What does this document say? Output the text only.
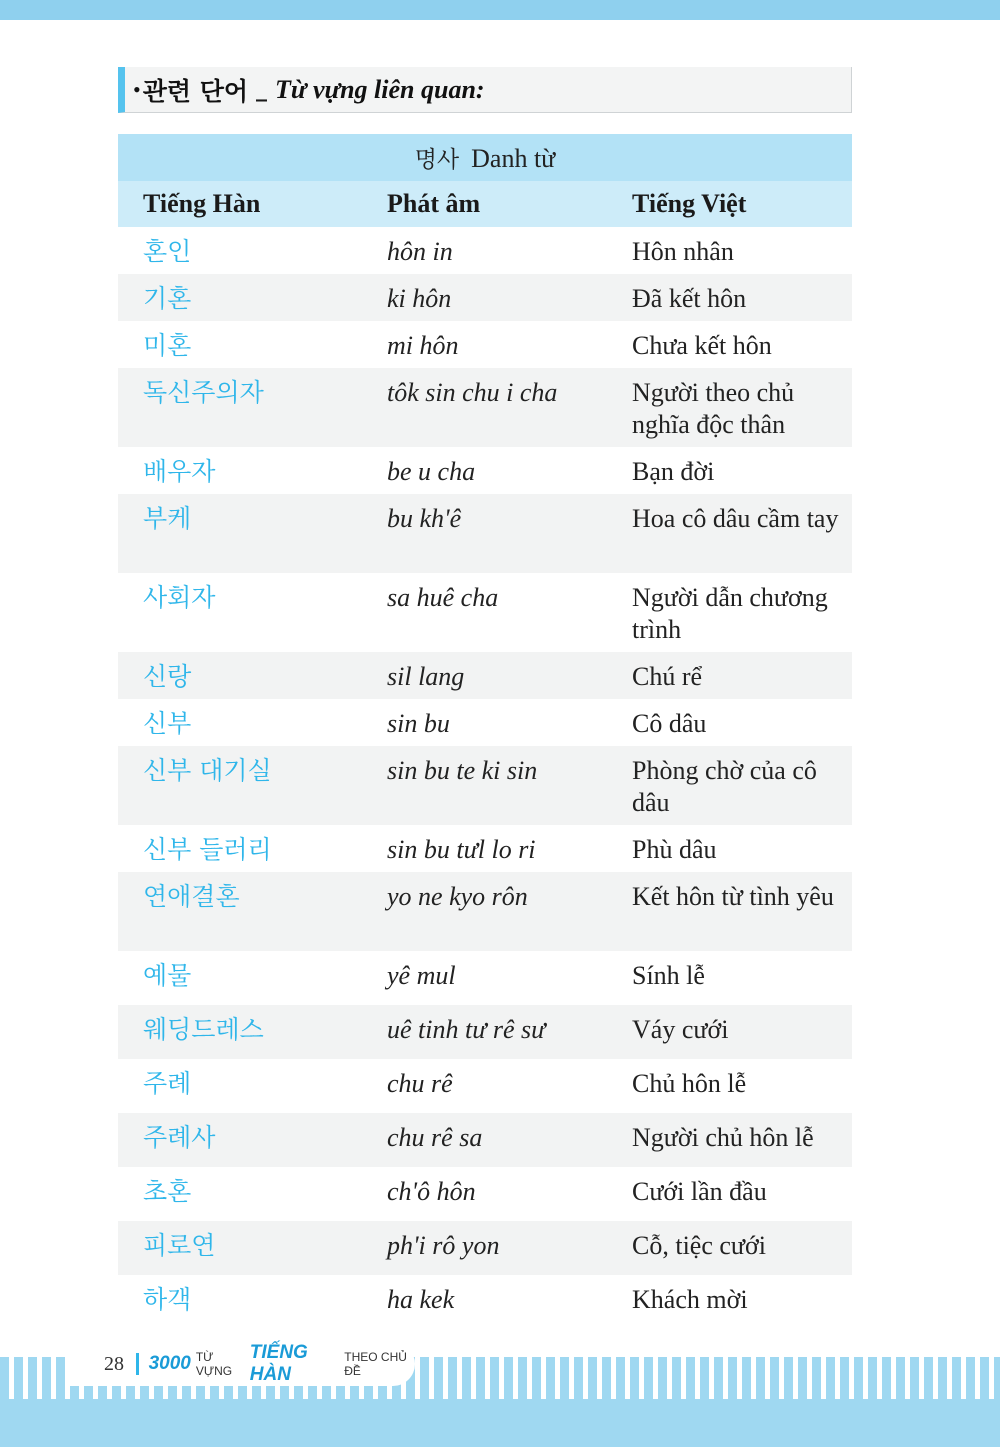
• 관련 단어 _ Từ vựng liên quan:
명사 Danh từ
Tiếng Hàn	Phát âm	Tiếng Việt
혼인	hôn in	Hôn nhân
기혼	ki hôn	Đã kết hôn
미혼	mi hôn	Chưa kết hôn
독신주의자	tôk sin chu i cha	Người theo chủ nghĩa độc thân
배우자	be u cha	Bạn đời
부케	bu kh'ê	Hoa cô dâu cầm tay
사회자	sa huê cha	Người dẫn chương trình
신랑	sil lang	Chú rể
신부	sin bu	Cô dâu
신부 대기실	sin bu te ki sin	Phòng chờ của cô dâu
신부 들러리	sin bu tưl lo ri	Phù dâu
연애결혼	yo ne kyo rôn	Kết hôn từ tình yêu
예물	yê mul	Sính lễ
웨딩드레스	uê tinh tư rê sư	Váy cưới
주례	chu rê	Chủ hôn lễ
주례사	chu rê sa	Người chủ hôn lễ
초혼	ch'ô hôn	Cưới lần đầu
피로연	ph'i rô yon	Cỗ, tiệc cưới
하객	ha kek	Khách mời
28 3000 TỪ VỰNG
TIẾNG HÀN
THEO CHỦ ĐỀ
